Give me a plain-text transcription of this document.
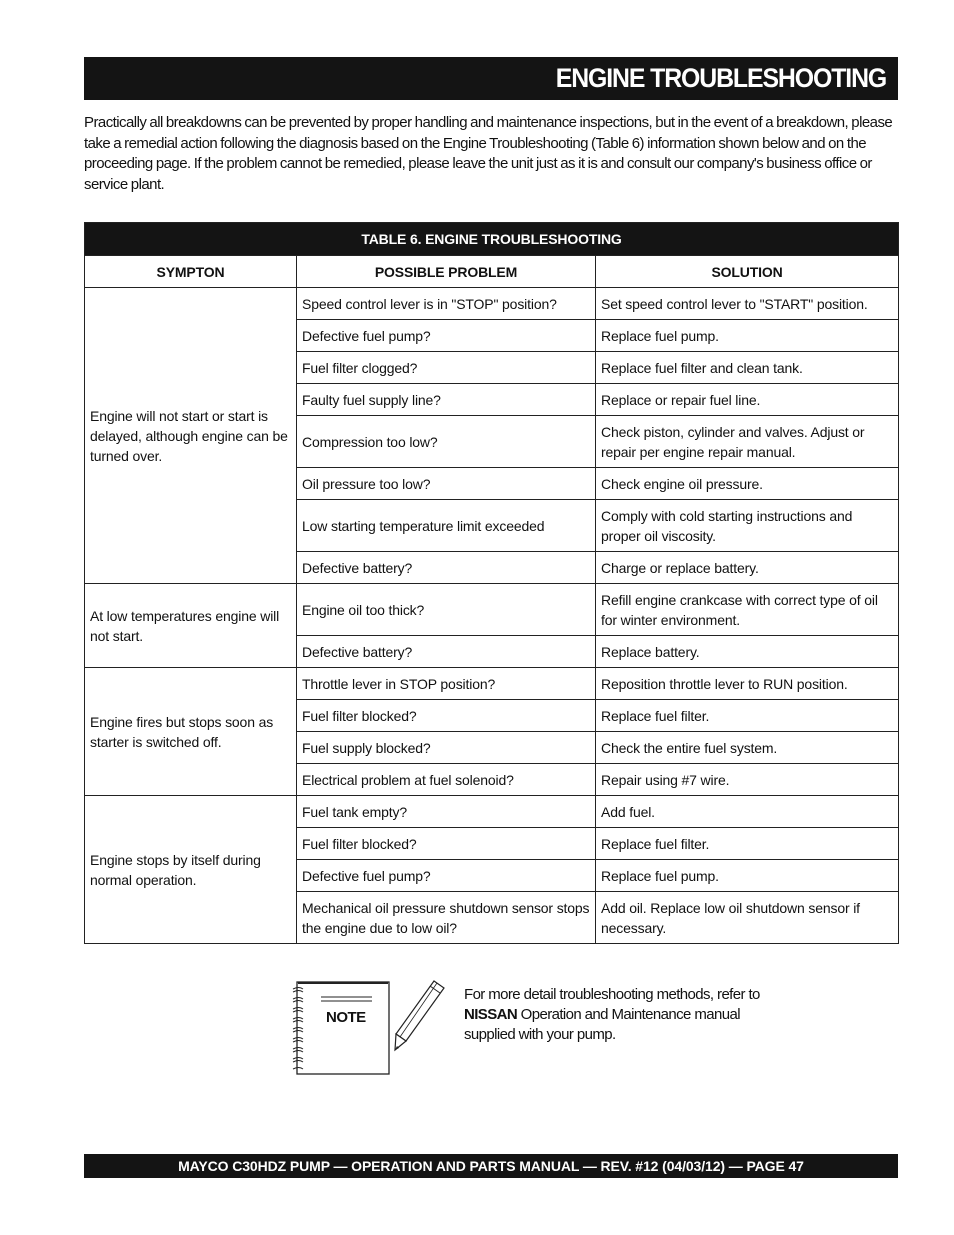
ENGINE TROUBLESHOOTING
Practically all breakdowns can be prevented by proper handling and maintenance inspections, but in the event of a breakdown, please take a remedial action following the diagnosis based on the Engine Troubleshooting (Table 6) information shown below and on the proceeding page. If the problem cannot be remedied, please leave the unit just as it is and consult our company's business office or service plant.
TABLE 6. ENGINE TROUBLESHOOTING		
SYMPTON	POSSIBLE PROBLEM	SOLUTION
Engine will not start or start is delayed, although engine can be turned over.	Speed control lever is in "STOP" position?	Set speed control lever to "START" position.
	Defective fuel pump?	Replace fuel pump.
	Fuel filter clogged?	Replace fuel filter and clean tank.
	Faulty fuel supply line?	Replace or repair fuel line.
	Compression too low?	Check piston, cylinder and valves. Adjust or repair per engine repair manual.
	Oil pressure too low?	Check engine oil pressure.
	Low starting temperature limit exceeded	Comply with cold starting instructions and proper oil viscosity.
	Defective battery?	Charge or replace battery.
At low temperatures engine will not start.	Engine oil too thick?	Refill engine crankcase with correct type of oil for winter environment.
	Defective battery?	Replace battery.
Engine fires but stops soon as starter is switched off.	Throttle lever in STOP position?	Reposition throttle lever to RUN position.
	Fuel filter blocked?	Replace fuel filter.
	Fuel supply blocked?	Check the entire fuel system.
	Electrical problem at fuel solenoid?	Repair using #7 wire.
Engine stops by itself during normal operation.	Fuel tank empty?	Add fuel.
	Fuel filter blocked?	Replace fuel filter.
	Defective fuel pump?	Replace fuel pump.
	Mechanical oil pressure shutdown sensor stops the engine due to low oil?	Add oil. Replace low oil shutdown sensor if necessary.
NOTE
For more detail troubleshooting methods, refer to NISSAN Operation and Maintenance manual supplied with your pump.
MAYCO C30HDZ PUMP — OPERATION AND PARTS MANUAL — REV. #12 (04/03/12) — PAGE 47
